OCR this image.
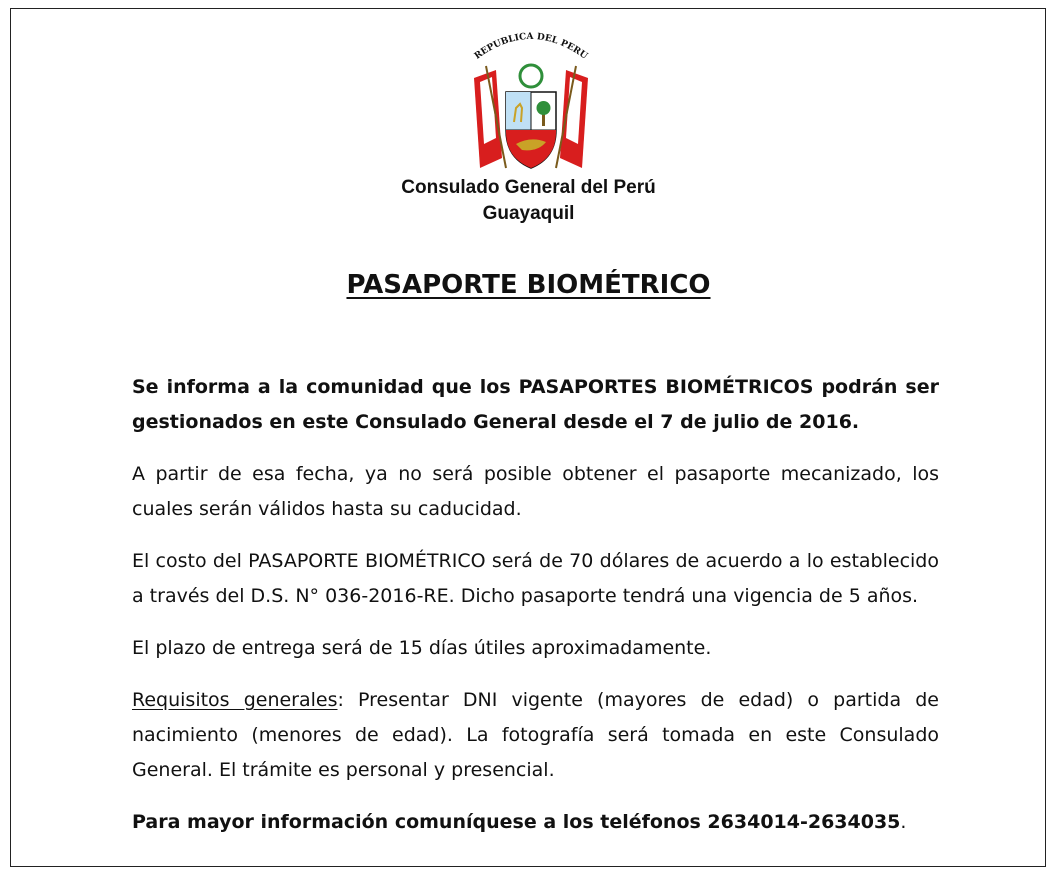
REPUBLICA DEL PERU
Consulado General del Perú
Guayaquil
PASAPORTE BIOMÉTRICO

Se informa a la comunidad que los PASAPORTES BIOMÉTRICOS podrán ser gestionados en este Consulado General desde el 7 de julio de 2016.

A partir de esa fecha, ya no será posible obtener el pasaporte mecanizado, los cuales serán válidos hasta su caducidad.

El costo del PASAPORTE BIOMÉTRICO será de 70 dólares de acuerdo a lo establecido a través del D.S. N° 036-2016-RE. Dicho pasaporte tendrá una vigencia de 5 años.

El plazo de entrega será de 15 días útiles aproximadamente.

Requisitos generales: Presentar DNI vigente (mayores de edad) o partida de nacimiento (menores de edad). La fotografía será tomada en este Consulado General. El trámite es personal y presencial.

Para mayor información comuníquese a los teléfonos 2634014-2634035.
